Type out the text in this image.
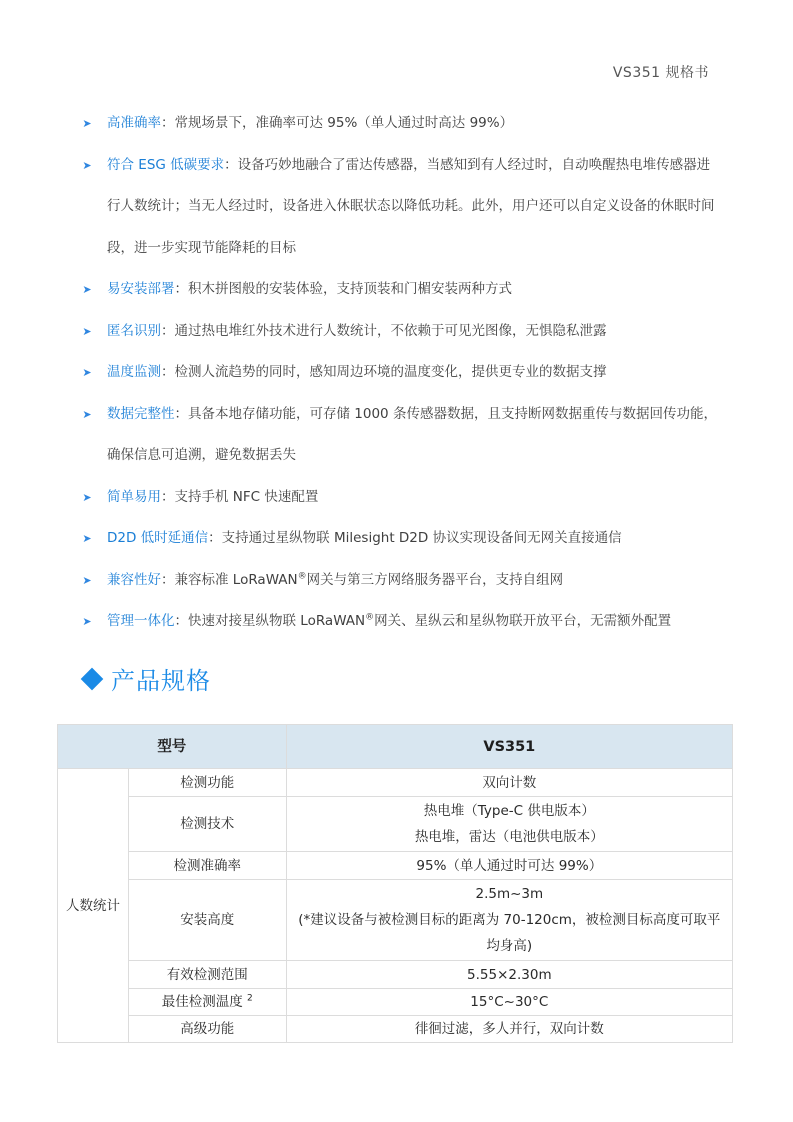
VS351 规格书
➤ 高准确率：常规场景下，准确率可达 95%（单人通过时高达 99%）
➤ 符合 ESG 低碳要求：设备巧妙地融合了雷达传感器，当感知到有人经过时，自动唤醒热电堆传感器进行人数统计；当无人经过时，设备进入休眠状态以降低功耗。此外，用户还可以自定义设备的休眠时间段，进一步实现节能降耗的目标
➤ 易安装部署：积木拼图般的安装体验，支持顶装和门楣安装两种方式
➤ 匿名识别：通过热电堆红外技术进行人数统计，不依赖于可见光图像，无惧隐私泄露
➤ 温度监测：检测人流趋势的同时，感知周边环境的温度变化，提供更专业的数据支撑
➤ 数据完整性：具备本地存储功能，可存储 1000 条传感器数据，且支持断网数据重传与数据回传功能，确保信息可追溯，避免数据丢失
➤ 简单易用：支持手机 NFC 快速配置
➤ D2D 低时延通信：支持通过星纵物联 Milesight D2D 协议实现设备间无网关直接通信
➤ 兼容性好：兼容标准 LoRaWAN®网关与第三方网络服务器平台，支持自组网
➤ 管理一体化：快速对接星纵物联 LoRaWAN®网关、星纵云和星纵物联开放平台，无需额外配置
产品规格
型号		VS351
人数统计	检测功能	双向计数
	检测技术	热电堆（Type-C 供电版本）
热电堆，雷达（电池供电版本）

	检测准确率	95%（单人通过时可达 99%）
	安装高度	2.5m~3m
(*建议设备与被检测目标的距离为 70-120cm，被检测目标高度可取平均身高)

	有效检测范围	5.55×2.30m
	最佳检测温度 $^2$	15°C~30°C
	高级功能	徘徊过滤，多人并行，双向计数
